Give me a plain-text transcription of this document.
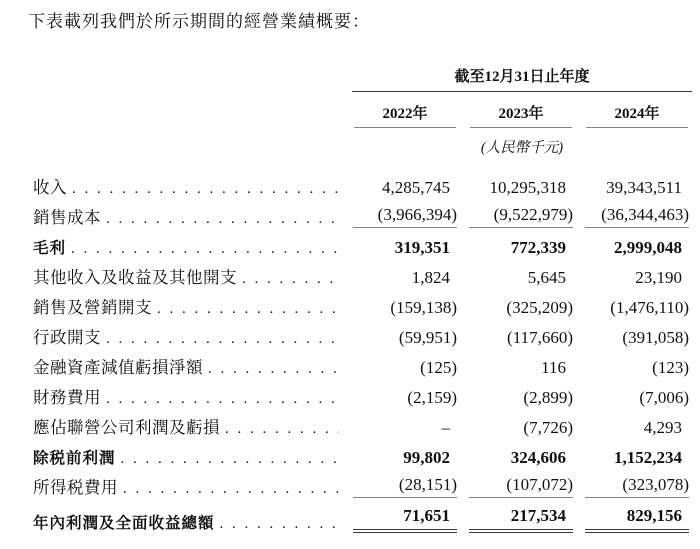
下表載列我們於所示期間的經營業績概要：

	截至12月31日止年度		

	2022年	2023年	2024年

	(人民幣千元)		

收入
. . .	4,285,745	10,295,318	39,343,511

銷售成本
. . .	(3,966,394)	(9,522,979)	(36,344,463)

毛利
. . .	319,351	772,339	2,999,048

其他收入及收益及其他開支
. . .	1,824	5,645	23,190

銷售及營銷開支
. . .	(159,138)	(325,209)	(1,476,110)

行政開支
. . .	(59,951)	(117,660)	(391,058)

金融資產減值虧損淨額
. . .	(125)	116	(123)

財務費用
. . .	(2,159)	(2,899)	(7,006)

應佔聯營公司利潤及虧損
. . .	–	(7,726)	4,293

除税前利潤
. . .	99,802	324,606	1,152,234

所得税費用
. . .	(28,151)	(107,072)	(323,078)

年內利潤及全面收益總額
. . .	71,651	217,534	829,156
